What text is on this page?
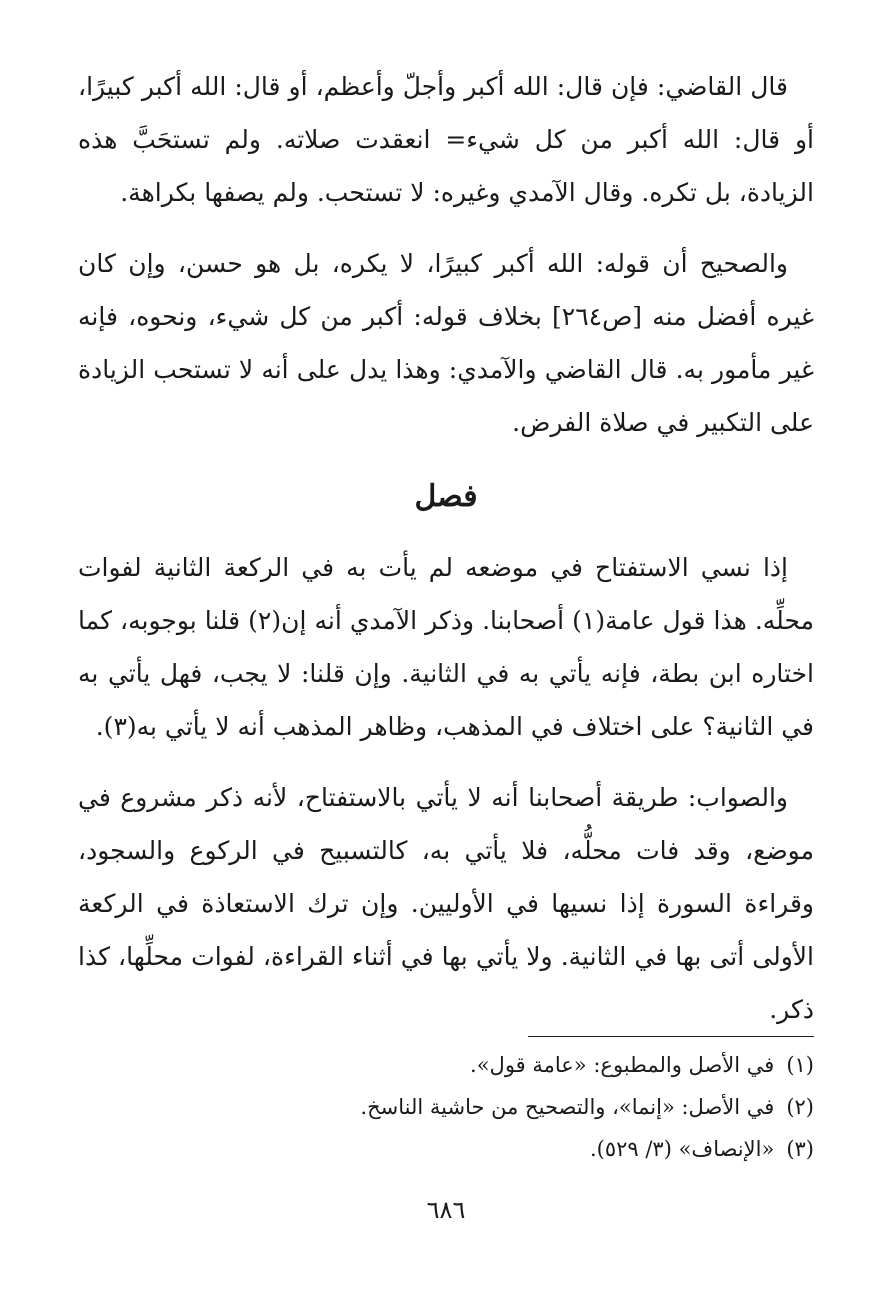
قال القاضي: فإن قال: الله أكبر وأجلّ وأعظم، أو قال: الله أكبر كبيرًا، أو قال: الله أكبر من كل شيء= انعقدت صلاته. ولم تستحَبَّ هذه الزيادة، بل تكره. وقال الآمدي وغيره: لا تستحب. ولم يصفها بكراهة.

والصحيح أن قوله: الله أكبر كبيرًا، لا يكره، بل هو حسن، وإن كان غيره أفضل منه [ص٢٦٤] بخلاف قوله: أكبر من كل شيء، ونحوه، فإنه غير مأمور به. قال القاضي والآمدي: وهذا يدل على أنه لا تستحب الزيادة على التكبير في صلاة الفرض.

فصل

إذا نسي الاستفتاح في موضعه لم يأت به في الركعة الثانية لفوات محلِّه. هذا قول عامة(١) أصحابنا. وذكر الآمدي أنه إن(٢) قلنا بوجوبه، كما اختاره ابن بطة، فإنه يأتي به في الثانية. وإن قلنا: لا يجب، فهل يأتي به في الثانية؟ على اختلاف في المذهب، وظاهر المذهب أنه لا يأتي به(٣).

والصواب: طريقة أصحابنا أنه لا يأتي بالاستفتاح، لأنه ذكر مشروع في موضع، وقد فات محلُّه، فلا يأتي به، كالتسبيح في الركوع والسجود، وقراءة السورة إذا نسيها في الأوليين. وإن ترك الاستعاذة في الركعة الأولى أتى بها في الثانية. ولا يأتي بها في أثناء القراءة، لفوات محلِّها، كذا ذكر.

(١)في الأصل والمطبوع: «عامة قول».
(٢)في الأصل: «إنما»، والتصحيح من حاشية الناسخ.
(٣)«الإنصاف» (٣/ ٥٢٩).
٦٨٦
